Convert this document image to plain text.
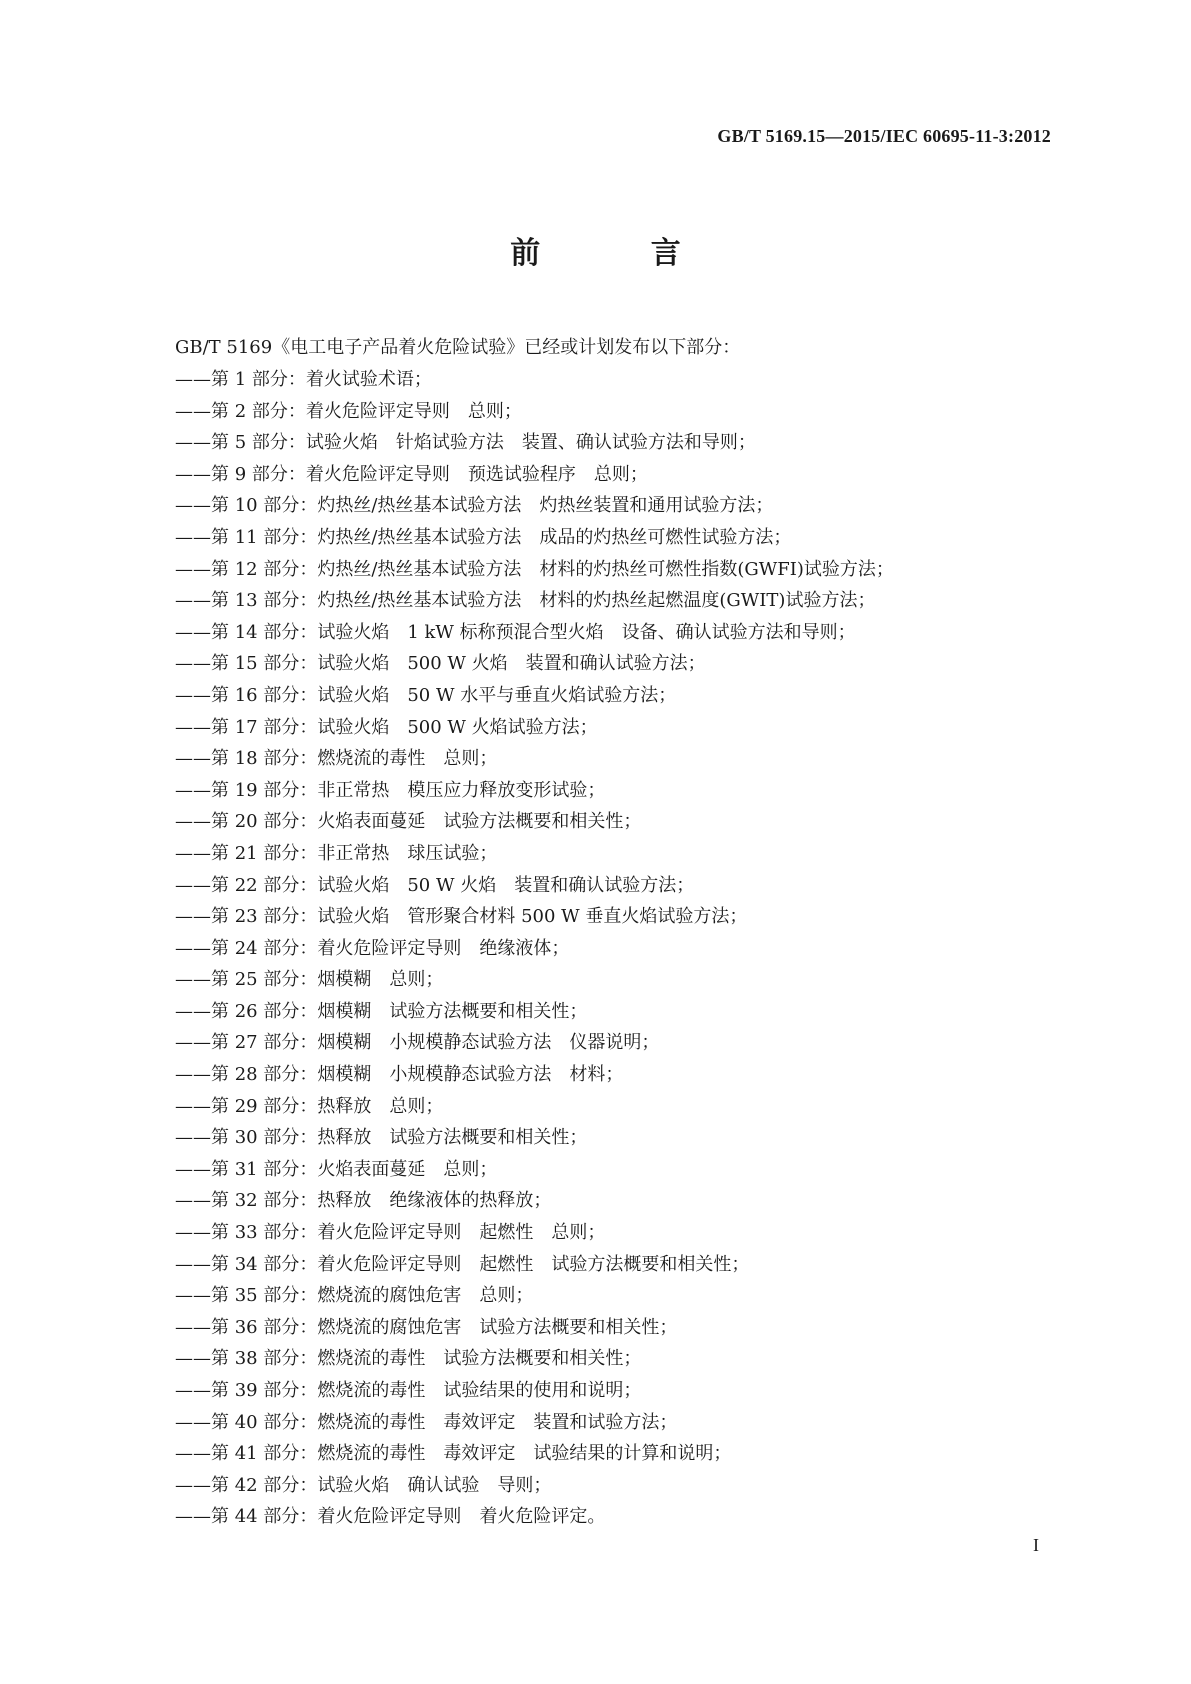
GB/T 5169.15—2015/IEC 60695-11-3:2012
前 言
GB/T 5169《电工电子产品着火危险试验》已经或计划发布以下部分：
——第 1 部分：着火试验术语；
——第 2 部分：着火危险评定导则　总则；
——第 5 部分：试验火焰　针焰试验方法　装置、确认试验方法和导则；
——第 9 部分：着火危险评定导则　预选试验程序　总则；
——第 10 部分：灼热丝/热丝基本试验方法　灼热丝装置和通用试验方法；
——第 11 部分：灼热丝/热丝基本试验方法　成品的灼热丝可燃性试验方法；
——第 12 部分：灼热丝/热丝基本试验方法　材料的灼热丝可燃性指数(GWFI)试验方法；
——第 13 部分：灼热丝/热丝基本试验方法　材料的灼热丝起燃温度(GWIT)试验方法；
——第 14 部分：试验火焰　1 kW 标称预混合型火焰　设备、确认试验方法和导则；
——第 15 部分：试验火焰　500 W 火焰　装置和确认试验方法；
——第 16 部分：试验火焰　50 W 水平与垂直火焰试验方法；
——第 17 部分：试验火焰　500 W 火焰试验方法；
——第 18 部分：燃烧流的毒性　总则；
——第 19 部分：非正常热　模压应力释放变形试验；
——第 20 部分：火焰表面蔓延　试验方法概要和相关性；
——第 21 部分：非正常热　球压试验；
——第 22 部分：试验火焰　50 W 火焰　装置和确认试验方法；
——第 23 部分：试验火焰　管形聚合材料 500 W 垂直火焰试验方法；
——第 24 部分：着火危险评定导则　绝缘液体；
——第 25 部分：烟模糊　总则；
——第 26 部分：烟模糊　试验方法概要和相关性；
——第 27 部分：烟模糊　小规模静态试验方法　仪器说明；
——第 28 部分：烟模糊　小规模静态试验方法　材料；
——第 29 部分：热释放　总则；
——第 30 部分：热释放　试验方法概要和相关性；
——第 31 部分：火焰表面蔓延　总则；
——第 32 部分：热释放　绝缘液体的热释放；
——第 33 部分：着火危险评定导则　起燃性　总则；
——第 34 部分：着火危险评定导则　起燃性　试验方法概要和相关性；
——第 35 部分：燃烧流的腐蚀危害　总则；
——第 36 部分：燃烧流的腐蚀危害　试验方法概要和相关性；
——第 38 部分：燃烧流的毒性　试验方法概要和相关性；
——第 39 部分：燃烧流的毒性　试验结果的使用和说明；
——第 40 部分：燃烧流的毒性　毒效评定　装置和试验方法；
——第 41 部分：燃烧流的毒性　毒效评定　试验结果的计算和说明；
——第 42 部分：试验火焰　确认试验　导则；
——第 44 部分：着火危险评定导则　着火危险评定。
I
